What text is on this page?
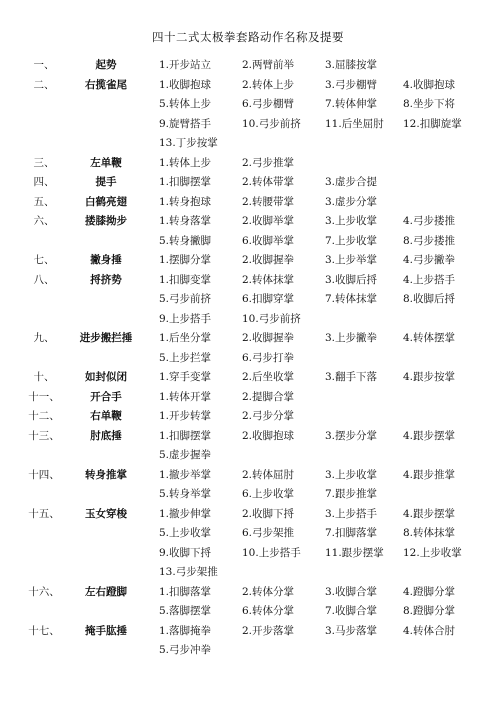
四十二式太极拳套路动作名称及提要
一、	起势	1.开步站立	2.两臂前举	3.屈膝按掌
二、	右揽雀尾	1.收脚抱球	2.转体上步	3.弓步棚臂 4.收脚抱球
5.转体上步	6.弓步棚臂	7.转体伸掌 8.坐步下将
9.旋臂搭手	10.弓步前挤 11.后坐屈肘 12.扣脚旋掌
13.丁步按掌
三、	左单鞭	1.转体上步	2.弓步推掌
四、	提手	1.扣脚摆掌	2.转体带掌	3.虚步合提
五、	白鹤亮翅	1.转身抱球	2.转腰带掌	3.虚步分掌
六、	搂膝拗步	1.转身落掌	2.收脚举掌	3.上步收掌 4.弓步搂推
5.转身撇脚	6.收脚举掌	7.上步收掌 8.弓步搂推
七、	撇身捶	1.摆脚分掌	2.收脚握拳	3.上步举掌 4.弓步撇拳
八、	捋挤势	1.扣脚变掌	2.转体抹掌	3.收脚后捋 4.上步搭手
5.弓步前挤	6.扣脚穿掌	7.转体抹掌 8.收脚后捋
9.上步搭手	10.弓步前挤
九、	进步搬拦捶	1.后坐分掌	2.收脚握拳	3.上步撇拳 4.转体摆掌
5.上步拦掌	6.弓步打拳
十、	如封似闭	1.穿手变掌	2.后坐收掌	3.翻手下落 4.跟步按掌
十一、	开合手	1.转体开掌	2.提脚合掌
十二、	右单鞭	1.开步转掌	2.弓步分掌
十三、	肘底捶	1.扣脚摆掌	2.收脚抱球	3.摆步分掌 4.跟步摆掌
5.虚步握拳
十四、	转身推掌	1.撤步举掌	2.转体屈肘	3.上步收掌 4.跟步推掌
5.转身举掌	6.上步收掌	7.跟步推掌
十五、	玉女穿梭	1.撤步伸掌	2.收脚下捋	3.上步搭手 4.跟步摆掌
5.上步收掌	6.弓步架推	7.扣脚落掌 8.转体抹掌
9.收脚下捋	10.上步搭手 11.跟步摆掌 12.上步收掌
13.弓步架推
十六、	左右蹬脚	1.扣脚落掌	2.转体分掌	3.收脚合掌 4.蹬脚分掌
5.落脚摆掌	6.转体分掌	7.收脚合掌 8.蹬脚分掌
十七、	掩手肱捶	1.落脚掩拳	2.开步落掌	3.马步落掌 4.转体合肘
5.弓步冲拳
